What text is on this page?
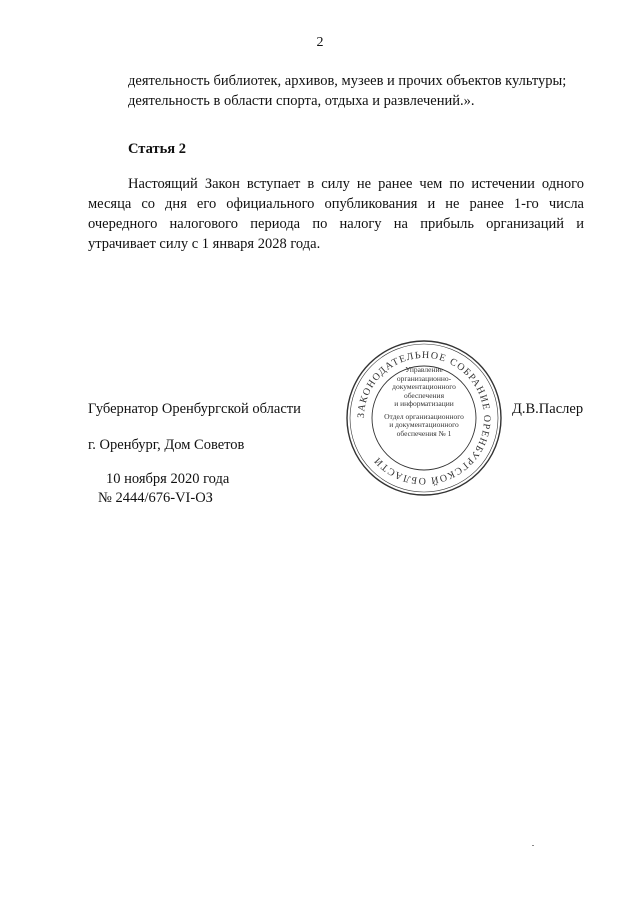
2

деятельность библиотек, архивов, музеев и прочих объектов культуры;

деятельность в области спорта, отдыха и развлечений.».

Статья 2

Настоящий Закон вступает в силу не ранее чем по истечении одного месяца со дня его официального опубликования и не ранее 1-го числа очередного налогового периода по налогу на прибыль организаций и утрачивает силу с 1 января 2028 года.

Губернатор Оренбургской области	ЗАКОНОДАТЕЛЬНОЕ СОБРАНИЕ ОРЕНБУРГСКОЙ ОБЛАСТИ
Управление
организационно-
документационного
обеспечения
и информатизации
Отдел организационного
и документационного
обеспечения № 1
Д.В.Паслер
г. Оренбург, Дом Советов
10 ноября 2020 года
№ 2444/676-VI-ОЗ
